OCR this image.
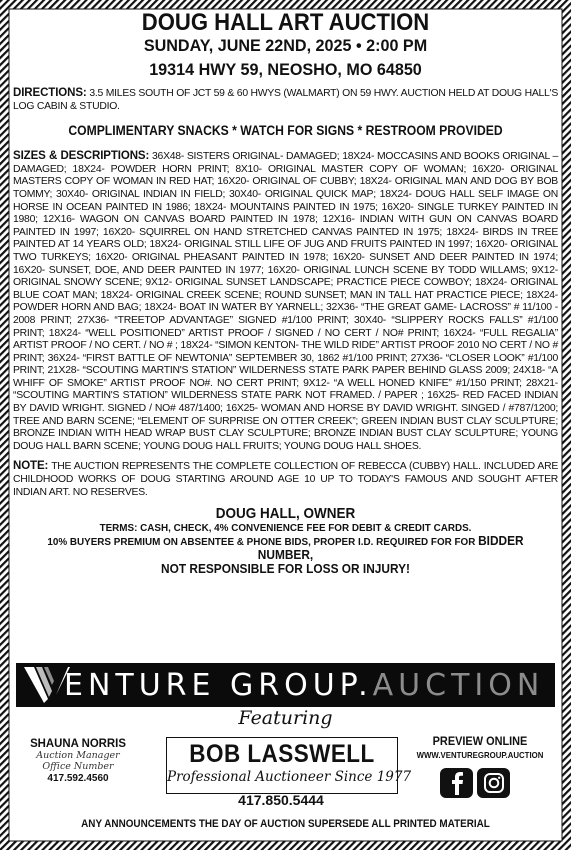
DOUG HALL ART AUCTION
SUNDAY, JUNE 22ND, 2025 • 2:00 PM
19314 HWY 59, NEOSHO, MO 64850
DIRECTIONS: 3.5 MILES SOUTH OF JCT 59 & 60 HWYS (WALMART) ON 59 HWY. AUCTION HELD AT DOUG HALL'S LOG CABIN & STUDIO.
COMPLIMENTARY SNACKS * WATCH FOR SIGNS * RESTROOM PROVIDED
SIZES & DESCRIPTIONS: 36X48- SISTERS ORIGINAL- DAMAGED; 18X24- MOCCASINS AND BOOKS ORIGINAL – DAMAGED; 18X24- POWDER HORN PRINT; 8X10- ORIGINAL MASTER COPY OF WOMAN; 16X20- ORIGINAL MASTERS COPY OF WOMAN IN RED HAT; 16X20- ORIGINAL OF CUBBY; 18X24- ORIGINAL MAN AND DOG BY BOB TOMMY; 30X40- ORIGINAL INDIAN IN FIELD; 30X40- ORIGINAL QUICK MAP; 18X24- DOUG HALL SELF IMAGE ON HORSE IN OCEAN PAINTED IN 1986; 18X24- MOUNTAINS PAINTED IN 1975; 16X20- SINGLE TURKEY PAINTED IN 1980; 12X16- WAGON ON CANVAS BOARD PAINTED IN 1978; 12X16- INDIAN WITH GUN ON CANVAS BOARD PAINTED IN 1997; 16X20- SQUIRREL ON HAND STRETCHED CANVAS PAINTED IN 1975; 18X24- BIRDS IN TREE PAINTED AT 14 YEARS OLD; 18X24- ORIGINAL STILL LIFE OF JUG AND FRUITS PAINTED IN 1997; 16X20- ORIGINAL TWO TURKEYS; 16X20- ORIGINAL PHEASANT PAINTED IN 1978; 16X20- SUNSET AND DEER PAINTED IN 1974; 16X20- SUNSET, DOE, AND DEER PAINTED IN 1977; 16X20- ORIGINAL LUNCH SCENE BY TODD WILLAMS; 9X12- ORIGINAL SNOWY SCENE; 9X12- ORIGINAL SUNSET LANDSCAPE; PRACTICE PIECE COWBOY; 18X24- ORIGINAL BLUE COAT MAN; 18X24- ORIGINAL CREEK SCENE; ROUND SUNSET; MAN IN TALL HAT PRACTICE PIECE; 18X24- POWDER HORN AND BAG; 18X24- BOAT IN WATER BY YARNELL; 32X36- “THE GREAT GAME- LACROSS” # 11/100 - 2008 PRINT; 27X36- “TREETOP ADVANTAGE” SIGNED #1/100 PRINT; 30X40- “SLIPPERY ROCKS FALLS” #1/100 PRINT; 18X24- “WELL POSITIONED” ARTIST PROOF / SIGNED / NO CERT / NO# PRINT; 16X24- “FULL REGALIA” ARTIST PROOF / NO CERT. / NO # ; 18X24- “SIMON KENTON- THE WILD RIDE” ARTIST PROOF 2010 NO CERT / NO # PRINT; 36X24- “FIRST BATTLE OF NEWTONIA” SEPTEMBER 30, 1862 #1/100 PRINT; 27X36- “CLOSER LOOK” #1/100 PRINT; 21X28- “SCOUTING MARTIN'S STATION” WILDERNESS STATE PARK PAPER BEHIND GLASS 2009; 24X18- “A WHIFF OF SMOKE” ARTIST PROOF NO#. NO CERT PRINT; 9X12- “A WELL HONED KNIFE” #1/150 PRINT; 28X21- “SCOUTING MARTIN'S STATION” WILDERNESS STATE PARK NOT FRAMED. / PAPER ; 16X25- RED FACED INDIAN BY DAVID WRIGHT. SIGNED / NO# 487/1400; 16X25- WOMAN AND HORSE BY DAVID WRIGHT. SINGED / #787/1200; TREE AND BARN SCENE; “ELEMENT OF SURPRISE ON OTTER CREEK”; GREEN INDIAN BUST CLAY SCULPTURE; BRONZE INDIAN WITH HEAD WRAP BUST CLAY SCULPTURE; BRONZE INDIAN BUST CLAY SCULPTURE; YOUNG DOUG HALL BARN SCENE; YOUNG DOUG HALL FRUITS; YOUNG DOUG HALL SHOES.
NOTE: THE AUCTION REPRESENTS THE COMPLETE COLLECTION OF REBECCA (CUBBY) HALL. INCLUDED ARE CHILDHOOD WORKS OF DOUG STARTING AROUND AGE 10 UP TO TODAY'S FAMOUS AND SOUGHT AFTER INDIAN ART. NO RESERVES.
DOUG HALL, OWNER
TERMS: CASH, CHECK, 4% CONVENIENCE FEE FOR DEBIT & CREDIT CARDS.
10% BUYERS PREMIUM ON ABSENTEE & PHONE BIDS, PROPER I.D. REQUIRED FOR FOR BIDDER NUMBER,
NOT RESPONSIBLE FOR LOSS OR INJURY!
ENTURE GROUP.AUCTION
Featuring
SHAUNA NORRIS
Auction Manager
Office Number
417.592.4560
BOB LASSWELL
Professional Auctioneer Since 1977
417.850.5444
PREVIEW ONLINE
WWW.VENTUREGROUP.AUCTION
ANY ANNOUNCEMENTS THE DAY OF AUCTION SUPERSEDE ALL PRINTED MATERIAL
